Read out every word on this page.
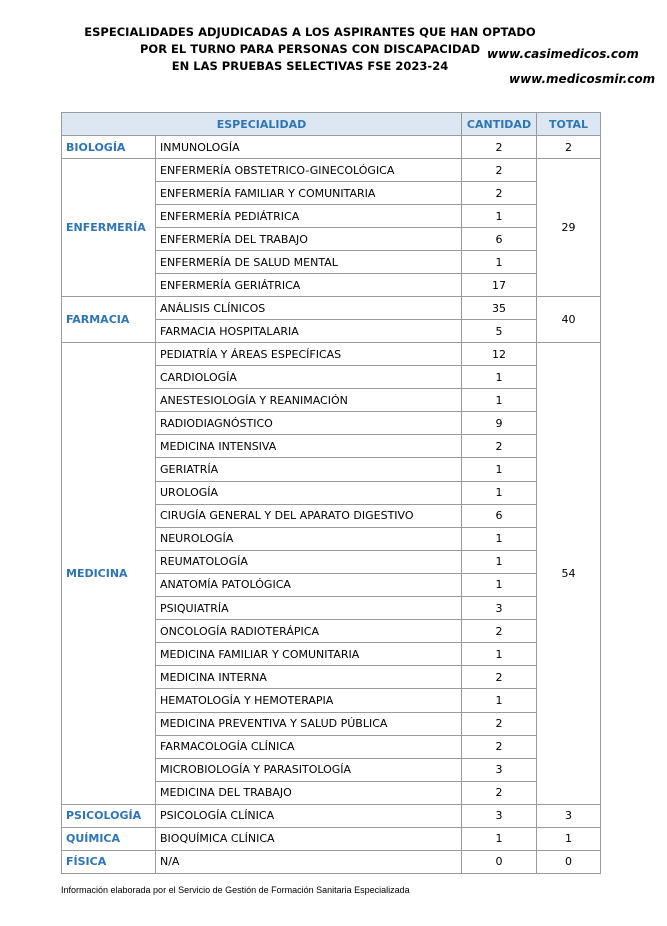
ESPECIALIDADES ADJUDICADAS A LOS ASPIRANTES QUE HAN OPTADO
POR EL TURNO PARA PERSONAS CON DISCAPACIDAD
EN LAS PRUEBAS SELECTIVAS FSE 2023-24
www.casimedicos.com
www.medicosmir.com
ESPECIALIDAD		CANTIDAD	TOTAL
BIOLOGÍA	INMUNOLOGÍA	2	2
ENFERMERÍA	ENFERMERÍA OBSTETRICO-GINECOLÓGICA	2	29
	ENFERMERÍA FAMILIAR Y COMUNITARIA	2	
	ENFERMERÍA PEDIÁTRICA	1	
	ENFERMERÍA DEL TRABAJO	6	
	ENFERMERÍA DE SALUD MENTAL	1	
	ENFERMERÍA GERIÁTRICA	17	
FARMACIA	ANÁLISIS CLÍNICOS	35	40
	FARMACIA HOSPITALARIA	5	
MEDICINA	PEDIATRÍA Y ÁREAS ESPECÍFICAS	12	54
	CARDIOLOGÍA	1	
	ANESTESIOLOGÍA Y REANIMACIÓN	1	
	RADIODIAGNÓSTICO	9	
	MEDICINA INTENSIVA	2	
	GERIATRÍA	1	
	UROLOGÍA	1	
	CIRUGÍA GENERAL Y DEL APARATO DIGESTIVO	6	
	NEUROLOGÍA	1	
	REUMATOLOGÍA	1	
	ANATOMÍA PATOLÓGICA	1	
	PSIQUIATRÍA	3	
	ONCOLOGÍA RADIOTERÁPICA	2	
	MEDICINA FAMILIAR Y COMUNITARIA	1	
	MEDICINA INTERNA	2	
	HEMATOLOGÍA Y HEMOTERAPIA	1	
	MEDICINA PREVENTIVA Y SALUD PÚBLICA	2	
	FARMACOLOGÍA CLÍNICA	2	
	MICROBIOLOGÍA Y PARASITOLOGÍA	3	
	MEDICINA DEL TRABAJO	2	
PSICOLOGÍA	PSICOLOGÍA CLÍNICA	3	3
QUÍMICA	BIOQUÍMICA CLÍNICA	1	1
FÍSICA	N/A	0	0
Información elaborada por el Servicio de Gestión de Formación Sanitaria Especializada
